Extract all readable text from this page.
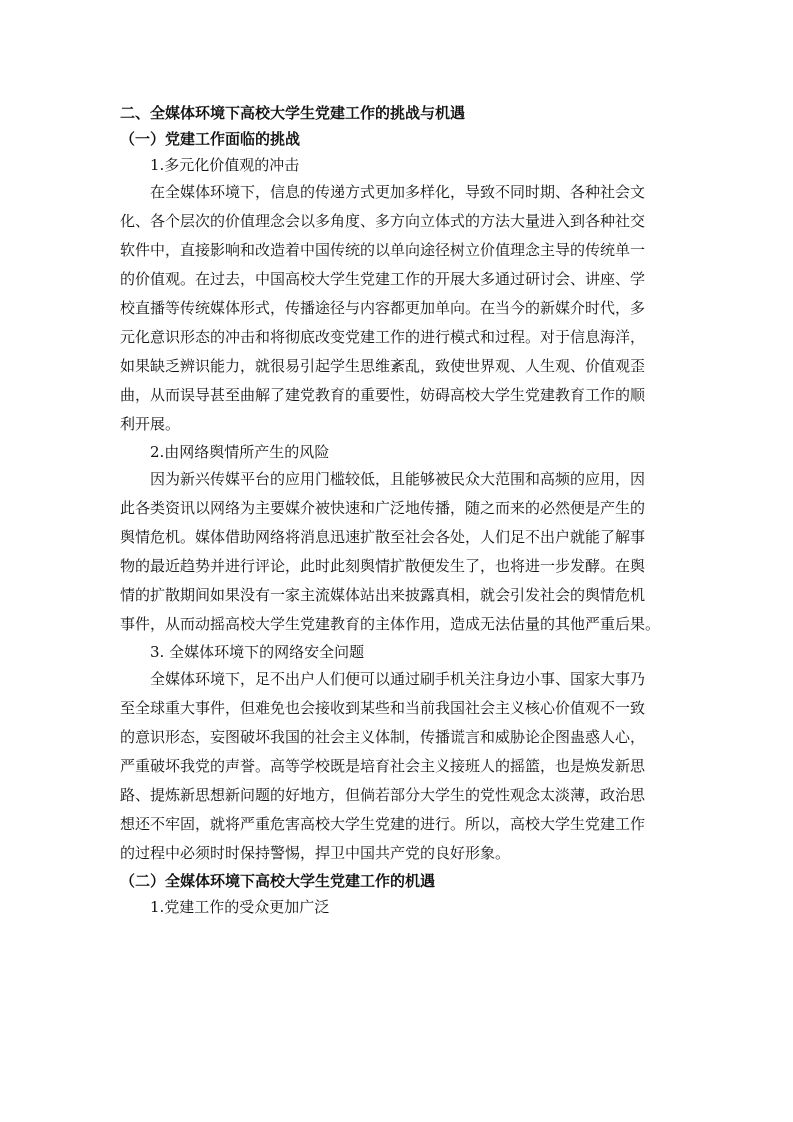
二、全媒体环境下高校大学生党建工作的挑战与机遇
（一）党建工作面临的挑战
1.多元化价值观的冲击
在全媒体环境下，信息的传递方式更加多样化，导致不同时期、各种社会文
化、各个层次的价值理念会以多角度、多方向立体式的方法大量进入到各种社交
软件中，直接影响和改造着中国传统的以单向途径树立价值理念主导的传统单一
的价值观。在过去，中国高校大学生党建工作的开展大多通过研讨会、讲座、学
校直播等传统媒体形式，传播途径与内容都更加单向。在当今的新媒介时代，多
元化意识形态的冲击和将彻底改变党建工作的进行模式和过程。对于信息海洋，
如果缺乏辨识能力，就很易引起学生思维紊乱，致使世界观、人生观、价值观歪
曲，从而误导甚至曲解了建党教育的重要性，妨碍高校大学生党建教育工作的顺
利开展。
2.由网络舆情所产生的风险
因为新兴传媒平台的应用门槛较低，且能够被民众大范围和高频的应用，因
此各类资讯以网络为主要媒介被快速和广泛地传播，随之而来的必然便是产生的
舆情危机。媒体借助网络将消息迅速扩散至社会各处，人们足不出户就能了解事
物的最近趋势并进行评论，此时此刻舆情扩散便发生了，也将进一步发酵。在舆
情的扩散期间如果没有一家主流媒体站出来披露真相，就会引发社会的舆情危机
事件，从而动摇高校大学生党建教育的主体作用，造成无法估量的其他严重后果。
3. 全媒体环境下的网络安全问题
全媒体环境下，足不出户人们便可以通过刷手机关注身边小事、国家大事乃
至全球重大事件，但难免也会接收到某些和当前我国社会主义核心价值观不一致
的意识形态，妄图破坏我国的社会主义体制，传播谎言和威胁论企图蛊惑人心，
严重破坏我党的声誉。高等学校既是培育社会主义接班人的摇篮，也是焕发新思
路、提炼新思想新问题的好地方，但倘若部分大学生的党性观念太淡薄，政治思
想还不牢固，就将严重危害高校大学生党建的进行。所以，高校大学生党建工作
的过程中必须时时保持警惕，捍卫中国共产党的良好形象。
（二）全媒体环境下高校大学生党建工作的机遇
1.党建工作的受众更加广泛
